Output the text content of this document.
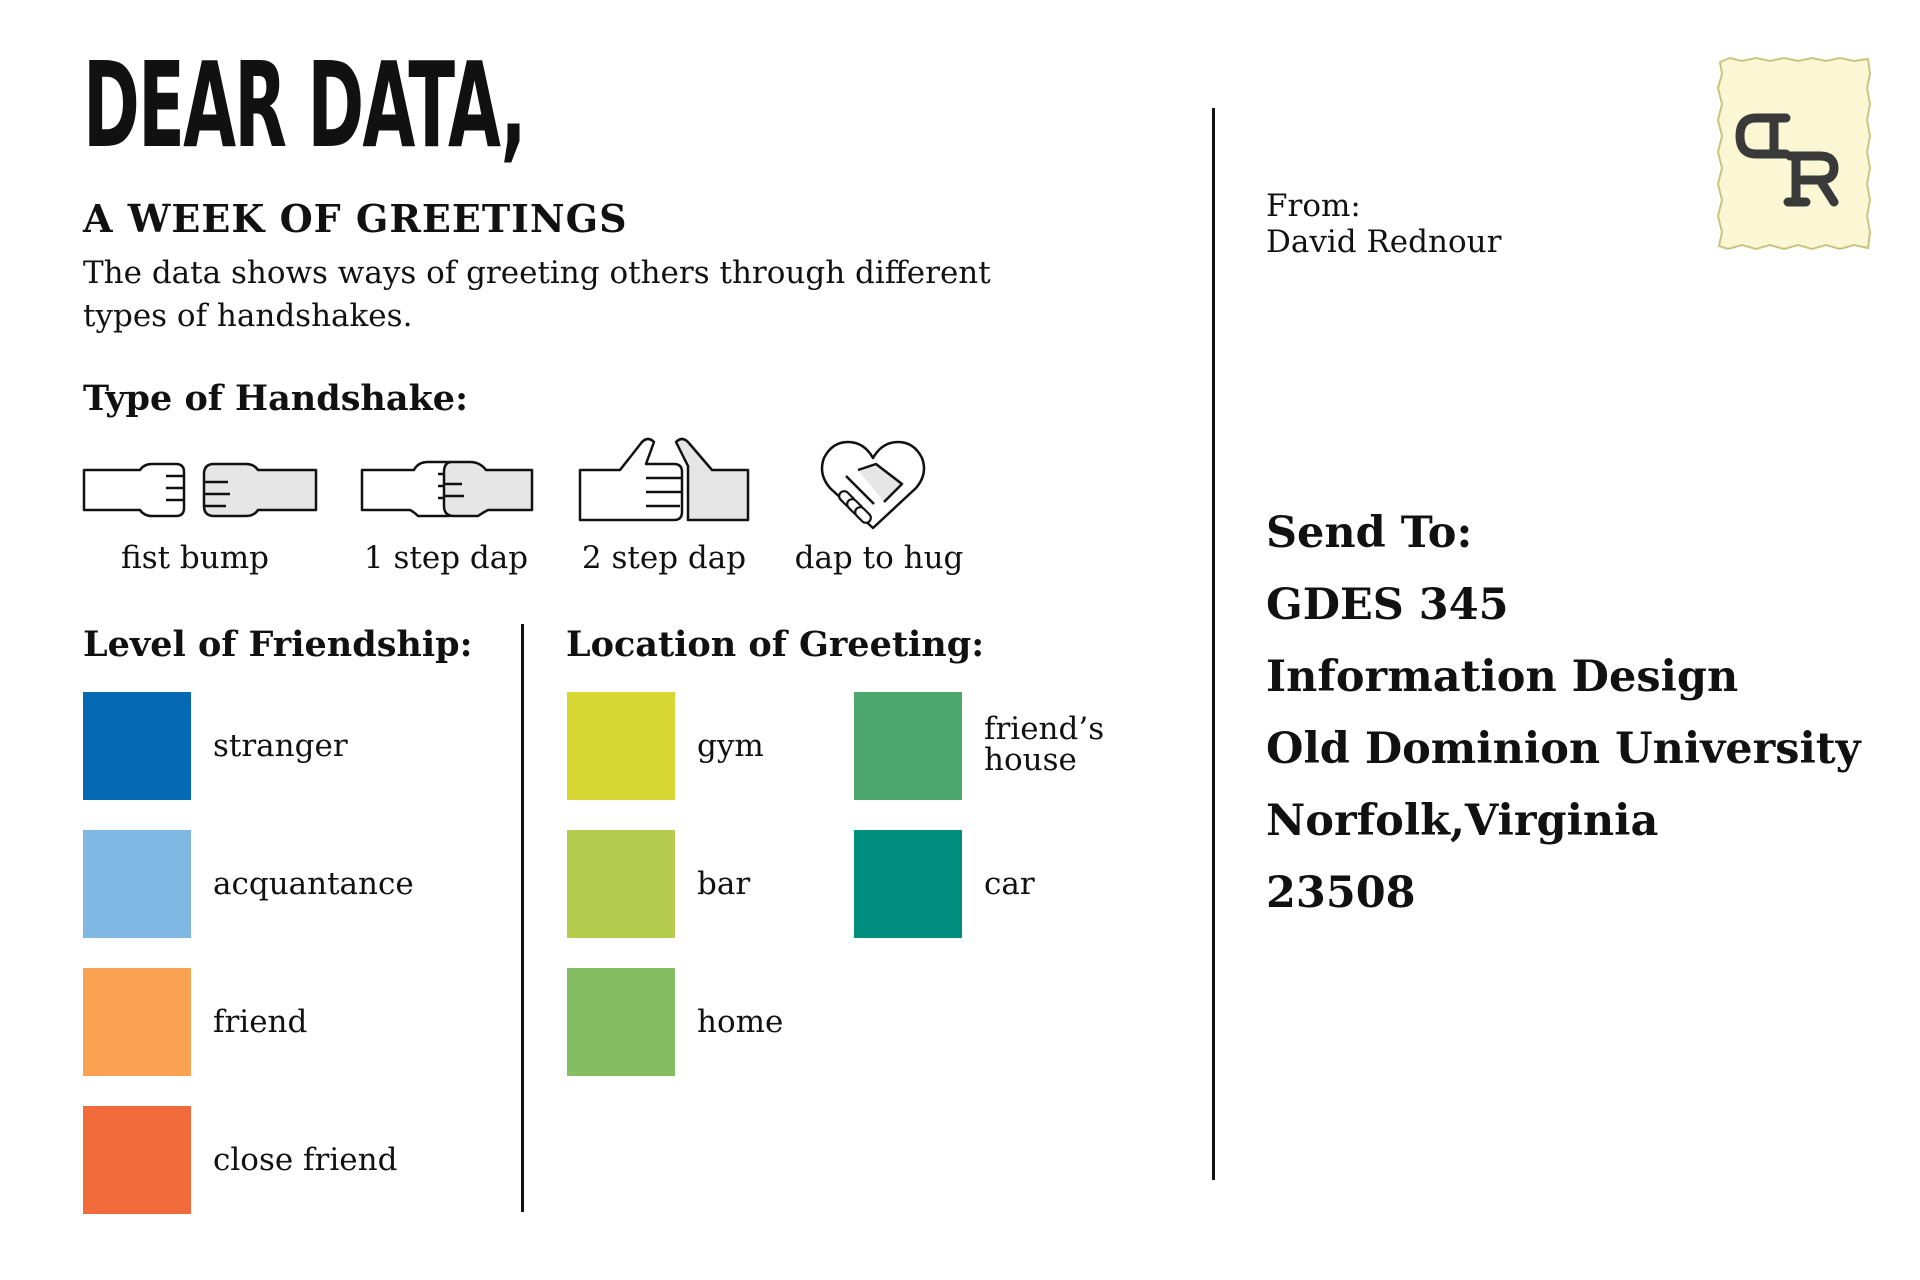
DEAR DATA,
A WEEK OF GREETINGS
The data shows ways of greeting others through different types of handshakes.
Type of Handshake:
fist bump	1 step dap	2 step dap	dap to hug
Level of Friendship:
stranger
acquantance
friend
close friend
Location of Greeting:
gym
bar
home
friend’s house
car
From:
David Rednour
Send To:
GDES 345
Information Design
Old Dominion University
Norfolk,Virginia
23508
